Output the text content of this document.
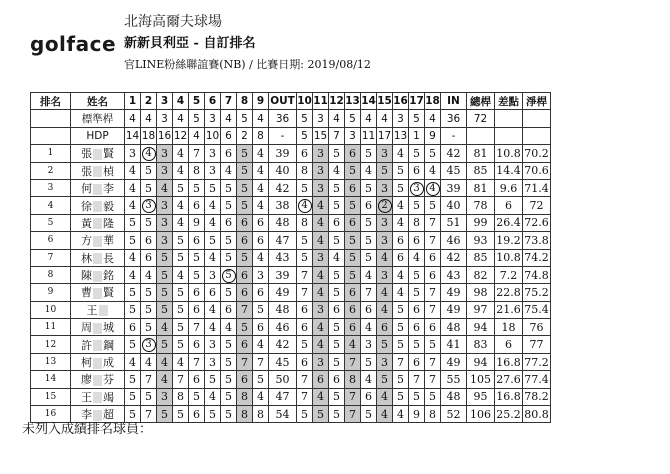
golface
北海高爾夫球場
新新貝利亞 - 自訂排名
官LINE粉絲聯誼賽(NB) / 比賽日期: 2019/08/12
排名	姓名	1	2	3	4	5	6	7	8	9	OUT	10	11	12	13	14	15	16	17	18	IN	總桿	差點	淨桿
	標準桿	4	4	3	4	5	3	4	5	4	36	5	3	4	5	4	4	3	5	4	36	72		
	HDP	14	18	16	12	4	10	6	2	8	-	5	15	7	3	11	17	13	1	9	-			
1	張 賢	3	4	3	4	7	3	6	5	4	39	6	3	5	6	5	3	4	5	5	42	81	10.8	70.2
2	張 楨	4	5	3	4	8	3	4	5	4	40	8	3	4	5	4	5	5	6	4	45	85	14.4	70.6
3	何 李	4	5	4	5	5	5	5	5	4	42	5	3	5	6	5	3	5	3	4	39	81	9.6	71.4
4	徐 毅	4	3	3	4	6	4	5	5	4	38	4	4	5	5	6	2	4	5	5	40	78	6	72
5	黃 隆	5	5	3	4	9	4	6	6	6	48	8	4	6	6	5	3	4	8	7	51	99	26.4	72.6
6	方 華	5	6	3	5	6	5	5	6	6	47	5	4	5	5	5	3	6	6	7	46	93	19.2	73.8
7	林 長	4	6	5	5	5	4	5	5	4	43	5	3	4	5	5	4	6	4	6	42	85	10.8	74.2
8	陳 銘	4	4	5	4	5	3	5	6	3	39	7	4	5	5	4	3	4	5	6	43	82	7.2	74.8
9	曹 賢	5	5	5	5	6	6	5	6	6	49	7	4	5	6	7	4	4	5	7	49	98	22.8	75.2
10	王	5	5	5	5	6	4	6	7	5	48	6	3	6	6	6	4	5	6	7	49	97	21.6	75.4
11	周 城	6	5	4	5	7	4	4	5	6	46	6	4	5	6	4	6	5	6	6	48	94	18	76
12	許 鋼	5	3	5	5	6	3	5	6	4	42	5	4	5	4	3	5	5	5	5	41	83	6	77
13	柯 成	4	4	4	4	7	3	5	7	7	45	6	3	5	7	5	3	7	6	7	49	94	16.8	77.2
14	廖 芬	5	7	4	7	6	5	5	6	5	50	7	6	6	8	4	5	5	7	7	55	105	27.6	77.4
15	王 竭	5	5	3	8	5	4	5	8	4	47	7	4	5	7	6	4	5	5	5	48	95	16.8	78.2
16	李 超	5	7	5	5	6	5	5	8	8	54	5	5	5	7	5	4	4	9	8	52	106	25.2	80.8
未列入成績排名球員：
